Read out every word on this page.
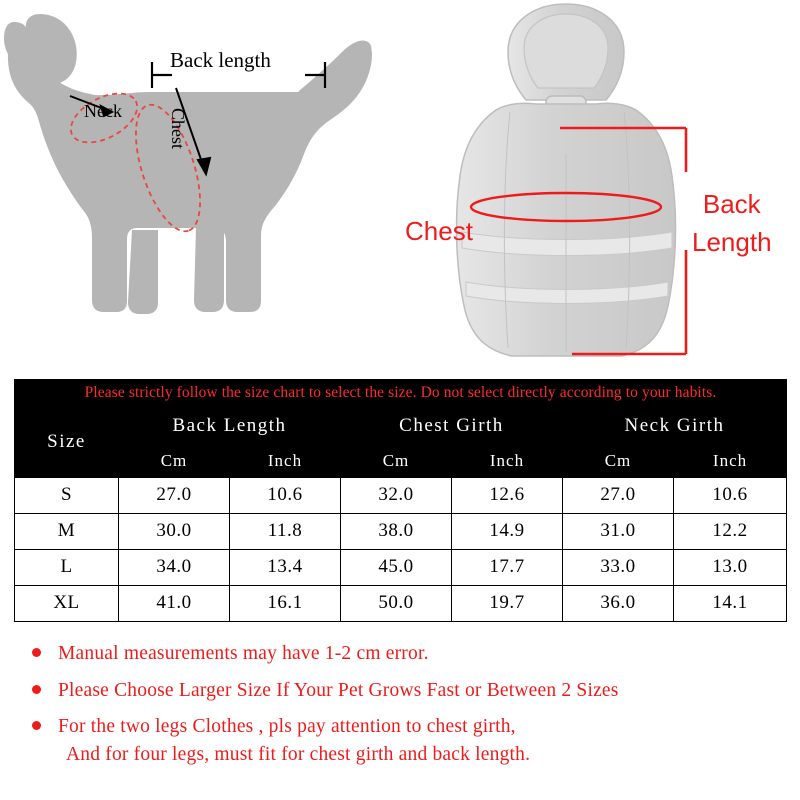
Back length
Neck	Chest
Chest
Back
Length
Please strictly follow the size chart to select the size. Do not select directly according to your habits.						
Size	Back Length		Chest Girth		Neck Girth	
	Cm	Inch	Cm	Inch	Cm	Inch
S	27.0	10.6	32.0	12.6	27.0	10.6
M	30.0	11.8	38.0	14.9	31.0	12.2
L	34.0	13.4	45.0	17.7	33.0	13.0
XL	41.0	16.1	50.0	19.7	36.0	14.1
Manual measurements may have 1-2 cm error.
Please Choose Larger Size If Your Pet Grows Fast or Between 2 Sizes
For the two legs Clothes , pls pay attention to chest girth,
And for four legs, must fit for chest girth and back length.
